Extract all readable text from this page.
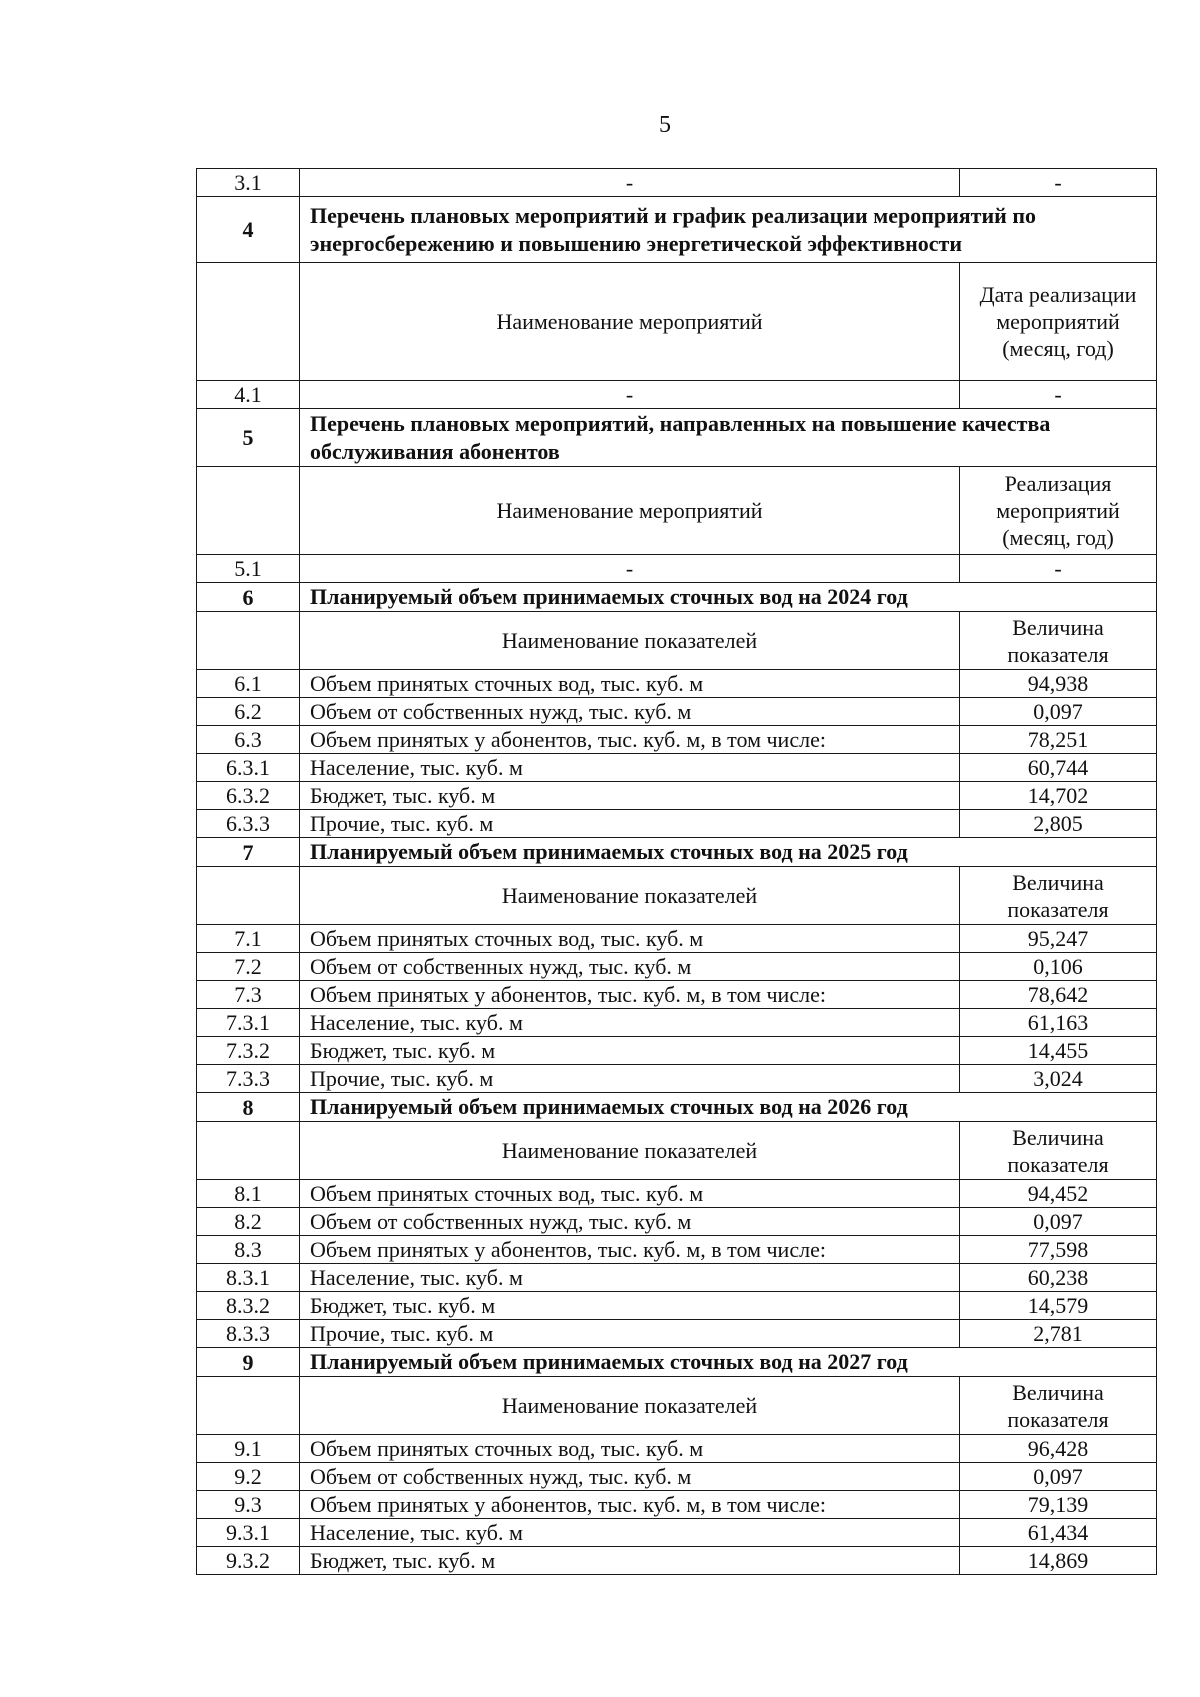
5
3.1	-	-
4	Перечень плановых мероприятий и график реализации мероприятий по энергосбережению и повышению энергетической эффективности	
	Наименование мероприятий	Дата реализации мероприятий (месяц, год)
4.1	-	-
5	Перечень плановых мероприятий, направленных на повышение качества обслуживания абонентов	
	Наименование мероприятий	Реализация мероприятий (месяц, год)
5.1	-	-
6	Планируемый объем принимаемых сточных вод на 2024 год	
	Наименование показателей	Величина показателя
6.1	Объем принятых сточных вод, тыс. куб. м	94,938
6.2	Объем от собственных нужд, тыс. куб. м	0,097
6.3	Объем принятых у абонентов, тыс. куб. м, в том числе:	78,251
6.3.1	Население, тыс. куб. м	60,744
6.3.2	Бюджет, тыс. куб. м	14,702
6.3.3	Прочие, тыс. куб. м	2,805
7	Планируемый объем принимаемых сточных вод на 2025 год	
	Наименование показателей	Величина показателя
7.1	Объем принятых сточных вод, тыс. куб. м	95,247
7.2	Объем от собственных нужд, тыс. куб. м	0,106
7.3	Объем принятых у абонентов, тыс. куб. м, в том числе:	78,642
7.3.1	Население, тыс. куб. м	61,163
7.3.2	Бюджет, тыс. куб. м	14,455
7.3.3	Прочие, тыс. куб. м	3,024
8	Планируемый объем принимаемых сточных вод на 2026 год	
	Наименование показателей	Величина показателя
8.1	Объем принятых сточных вод, тыс. куб. м	94,452
8.2	Объем от собственных нужд, тыс. куб. м	0,097
8.3	Объем принятых у абонентов, тыс. куб. м, в том числе:	77,598
8.3.1	Население, тыс. куб. м	60,238
8.3.2	Бюджет, тыс. куб. м	14,579
8.3.3	Прочие, тыс. куб. м	2,781
9	Планируемый объем принимаемых сточных вод на 2027 год	
	Наименование показателей	Величина показателя
9.1	Объем принятых сточных вод, тыс. куб. м	96,428
9.2	Объем от собственных нужд, тыс. куб. м	0,097
9.3	Объем принятых у абонентов, тыс. куб. м, в том числе:	79,139
9.3.1	Население, тыс. куб. м	61,434
9.3.2	Бюджет, тыс. куб. м	14,869
